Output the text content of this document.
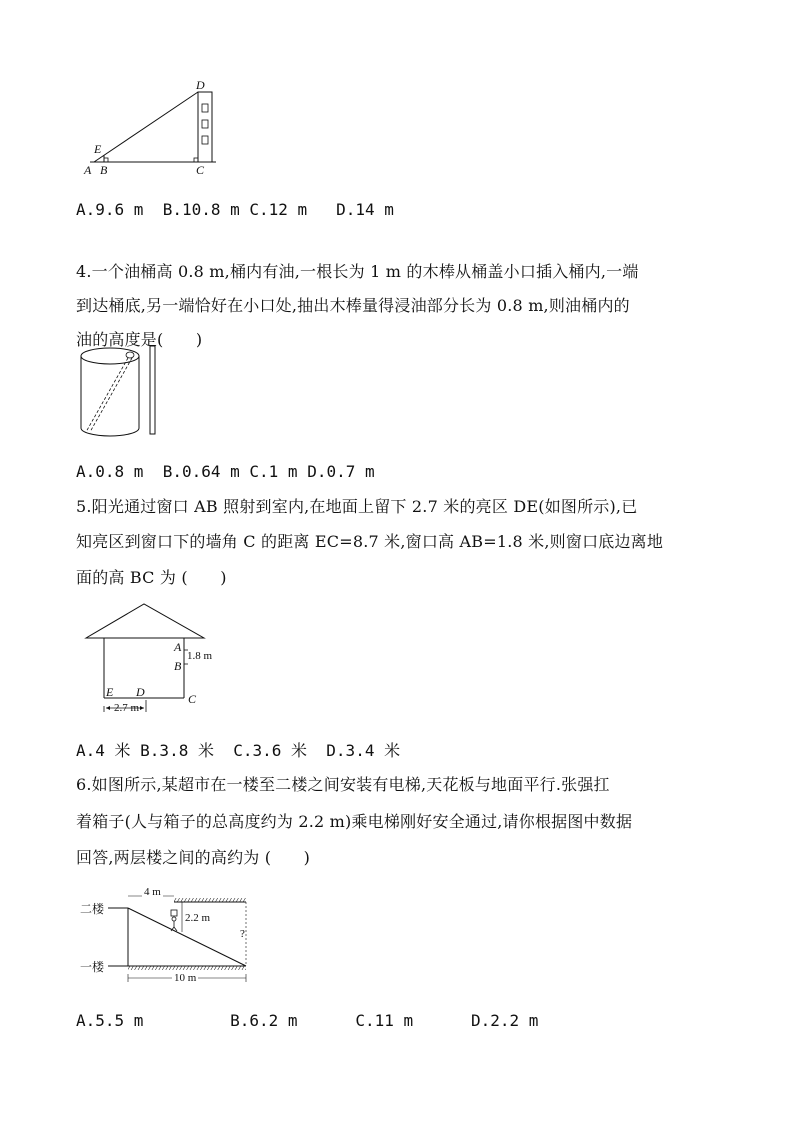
D
E
A B	C
A.9.6 m  B.10.8 m C.12 m   D.14 m
4.一个油桶高 0.8 m,桶内有油,一根长为 1 m 的木棒从桶盖小口插入桶内,一端
到达桶底,另一端恰好在小口处,抽出木棒量得浸油部分长为 0.8 m,则油桶内的
油的高度是(　　)
A.0.8 m  B.0.64 m C.1 m D.0.7 m
5.阳光通过窗口 AB 照射到室内,在地面上留下 2.7 米的亮区 DE(如图所示),已
知亮区到窗口下的墙角 C 的距离 EC=8.7 米,窗口高 AB=1.8 米,则窗口底边离地
面的高 BC 为 (　　)
A
B
1.8 m
C
E D
2.7 m
A.4 米 B.3.8 米  C.3.6 米  D.3.4 米
6.如图所示,某超市在一楼至二楼之间安装有电梯,天花板与地面平行.张强扛
着箱子(人与箱子的总高度约为 2.2 m)乘电梯刚好安全通过,请你根据图中数据
回答,两层楼之间的高约为 (　　)
二楼
一楼
4 m
2.2 m
?
10 m
A.5.5 m         B.6.2 m      C.11 m      D.2.2 m
